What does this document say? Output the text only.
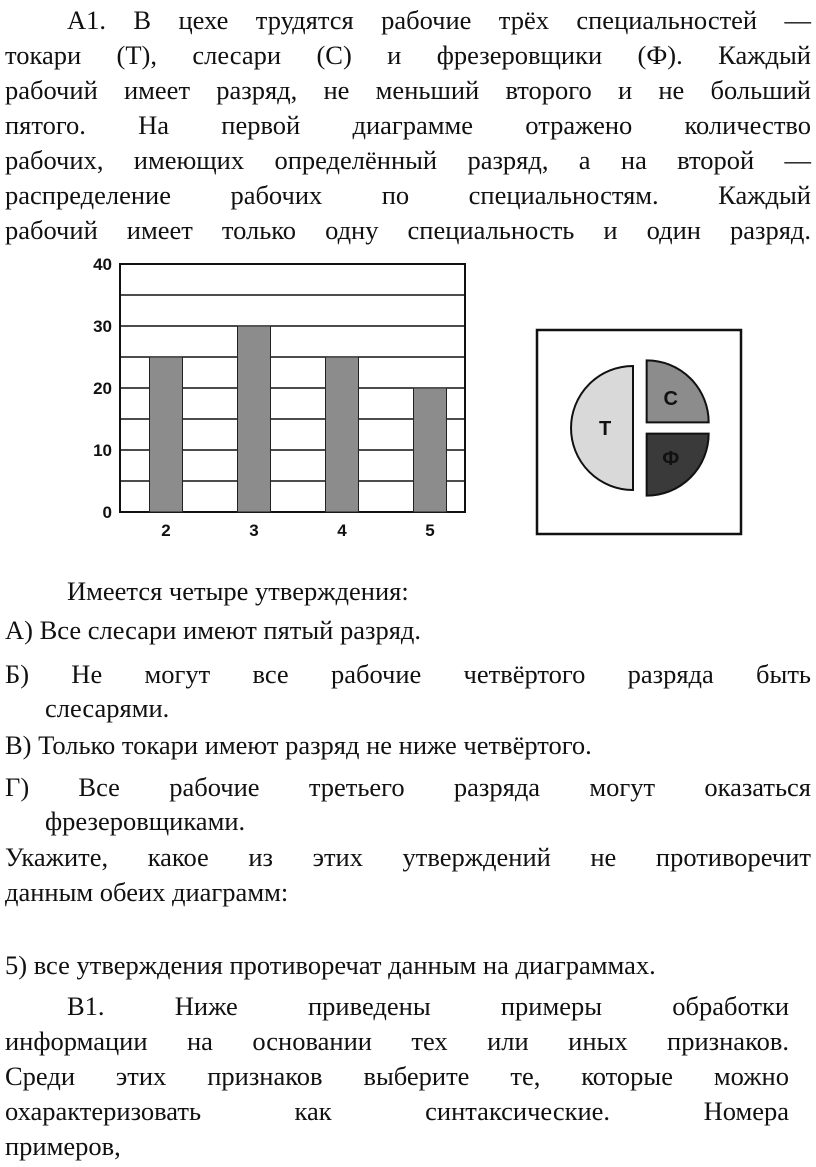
А1. В цехе трудятся рабочие трёх специальностей —

токари (Т), слесари (С) и фрезеровщики (Ф). Каждый

рабочий имеет разряд, не меньший второго и не больший

пятого. На первой диаграмме отражено количество

рабочих, имеющих определённый разряд, а на второй —

распределение рабочих по специальностям. Каждый

рабочий имеет только одну специальность и один разряд.

0
10
20
30
40
2	3	4	5
Т
С
Ф

Имеется четыре утверждения:

А) Все слесари имеют пятый разряд.

Б) Не могут все рабочие четвёртого разряда быть

слесарями.

В) Только токари имеют разряд не ниже четвёртого.

Г) Все рабочие третьего разряда могут оказаться

фрезеровщиками.

Укажите, какое из этих утверждений не противоречит

данным обеих диаграмм:

5) все утверждения противоречат данным на диаграммах.

В1. Ниже приведены примеры обработки

информации на основании тех или иных признаков.

Среди этих признаков выберите те, которые можно

охарактеризовать как синтаксические. Номера

примеров,
